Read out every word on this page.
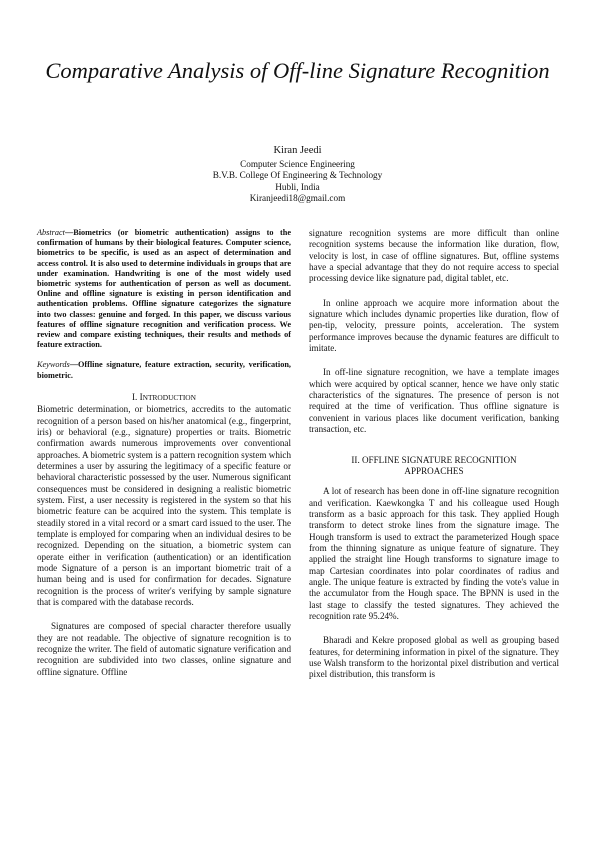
Comparative Analysis of Off-line Signature Recognition
Kiran Jeedi
Computer Science Engineering
B.V.B. College Of Engineering & Technology
Hubli, India
Kiranjeedi18@gmail.com

Abstract—Biometrics (or biometric authentication) assigns to the confirmation of humans by their biological features. Computer science, biometrics to be specific, is used as an aspect of determination and access control. It is also used to determine individuals in groups that are under examination. Handwriting is one of the most widely used biometric systems for authentication of person as well as document. Online and offline signature is existing in person identification and authentication problems. Offline signature categorizes the signature into two classes: genuine and forged. In this paper, we discuss various features of offline signature recognition and verification process. We review and compare existing techniques, their results and methods of feature extraction.

Keywords—Offline signature, feature extraction, security, verification, biometric.

I. INTRODUCTION

Biometric determination, or biometrics, accredits to the automatic recognition of a person based on his/her anatomical (e.g., fingerprint, iris) or behavioral (e.g., signature) properties or traits. Biometric confirmation awards numerous improvements over conventional approaches. A biometric system is a pattern recognition system which determines a user by assuring the legitimacy of a specific feature or behavioral characteristic possessed by the user. Numerous significant consequences must be considered in designing a realistic biometric system. First, a user necessity is registered in the system so that his biometric feature can be acquired into the system. This template is steadily stored in a vital record or a smart card issued to the user. The template is employed for comparing when an individual desires to be recognized. Depending on the situation, a biometric system can operate either in verification (authentication) or an identification mode Signature of a person is an important biometric trait of a human being and is used for confirmation for decades. Signature recognition is the process of writer's verifying by sample signature that is compared with the database records.

Signatures are composed of special character therefore usually they are not readable. The objective of signature recognition is to recognize the writer. The field of automatic signature verification and recognition are subdivided into two classes, online signature and offline signature. Offline

signature recognition systems are more difficult than online recognition systems because the information like duration, flow, velocity is lost, in case of offline signatures. But, offline systems have a special advantage that they do not require access to special processing device like signature pad, digital tablet, etc.

In online approach we acquire more information about the signature which includes dynamic properties like duration, flow of pen-tip, velocity, pressure points, acceleration. The system performance improves because the dynamic features are difficult to imitate.

In off-line signature recognition, we have a template images which were acquired by optical scanner, hence we have only static characteristics of the signatures. The presence of person is not required at the time of verification. Thus offline signature is convenient in various places like document verification, banking transaction, etc.

II. OFFLINE SIGNATURE RECOGNITION
APPROACHES

A lot of research has been done in off-line signature recognition and verification. Kaewkongka T and his colleague used Hough transform as a basic approach for this task. They applied Hough transform to detect stroke lines from the signature image. The Hough transform is used to extract the parameterized Hough space from the thinning signature as unique feature of signature. They applied the straight line Hough transforms to signature image to map Cartesian coordinates into polar coordinates of radius and angle. The unique feature is extracted by finding the vote's value in the accumulator from the Hough space. The BPNN is used in the last stage to classify the tested signatures. They achieved the recognition rate 95.24%.

Bharadi and Kekre proposed global as well as grouping based features, for determining information in pixel of the signature. They use Walsh transform to the horizontal pixel distribution and vertical pixel distribution, this transform is
